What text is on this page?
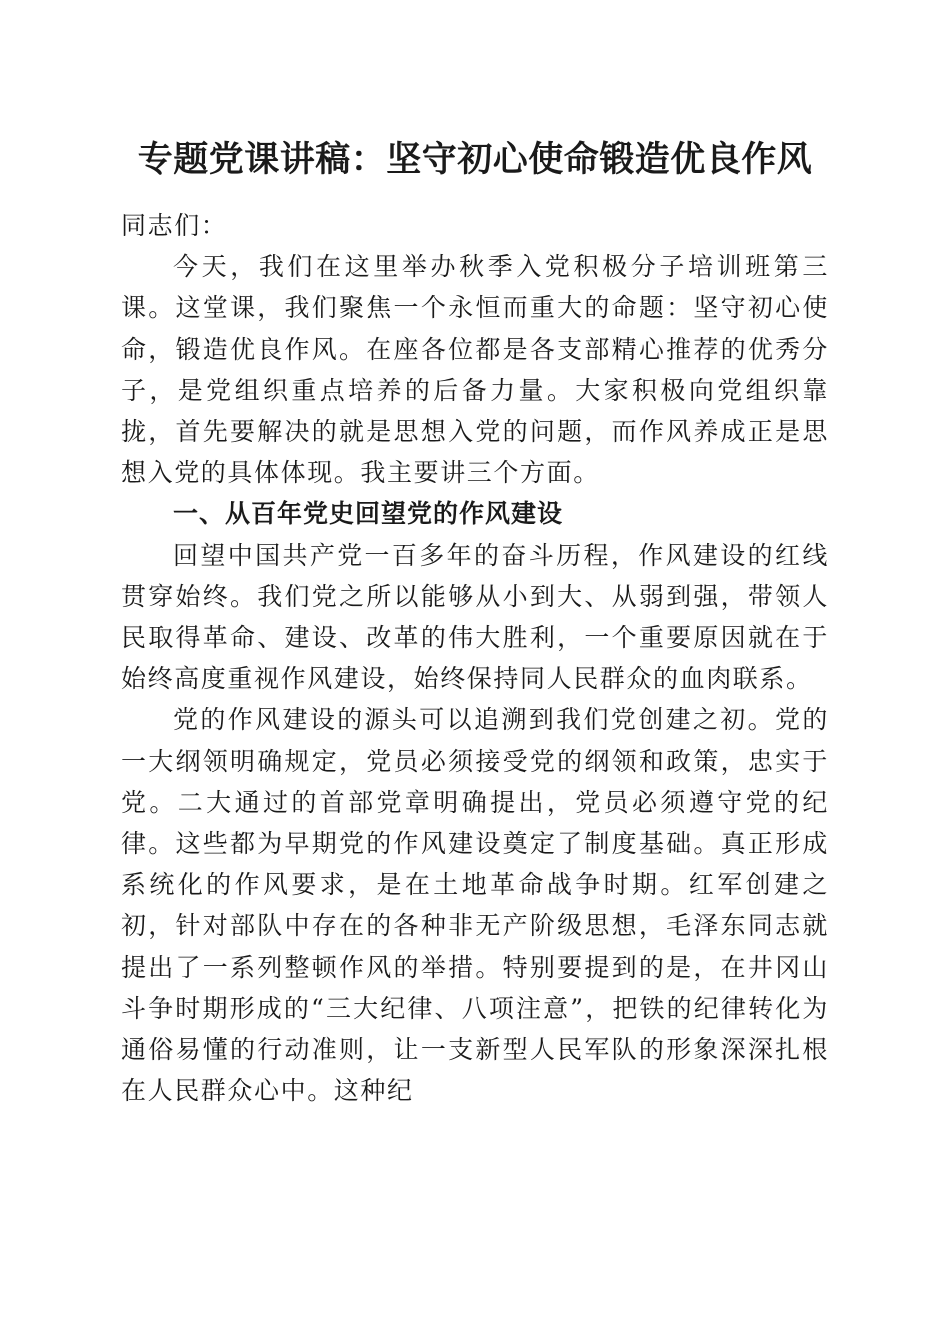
专题党课讲稿：坚守初心使命锻造优良作风

同志们：

今天，我们在这里举办秋季入党积极分子培训班第三课。这堂课，我们聚焦一个永恒而重大的命题：坚守初心使命，锻造优良作风。在座各位都是各支部精心推荐的优秀分子，是党组织重点培养的后备力量。大家积极向党组织靠拢，首先要解决的就是思想入党的问题，而作风养成正是思想入党的具体体现。我主要讲三个方面。

一、从百年党史回望党的作风建设

回望中国共产党一百多年的奋斗历程，作风建设的红线贯穿始终。我们党之所以能够从小到大、从弱到强，带领人民取得革命、建设、改革的伟大胜利，一个重要原因就在于始终高度重视作风建设，始终保持同人民群众的血肉联系。

党的作风建设的源头可以追溯到我们党创建之初。党的一大纲领明确规定，党员必须接受党的纲领和政策，忠实于党。二大通过的首部党章明确提出，党员必须遵守党的纪律。这些都为早期党的作风建设奠定了制度基础。真正形成系统化的作风要求，是在土地革命战争时期。红军创建之初，针对部队中存在的各种非无产阶级思想，毛泽东同志就提出了一系列整顿作风的举措。特别要提到的是，在井冈山斗争时期形成的“三大纪律、八项注意”，把铁的纪律转化为通俗易懂的行动准则，让一支新型人民军队的形象深深扎根在人民群众心中。这种纪
